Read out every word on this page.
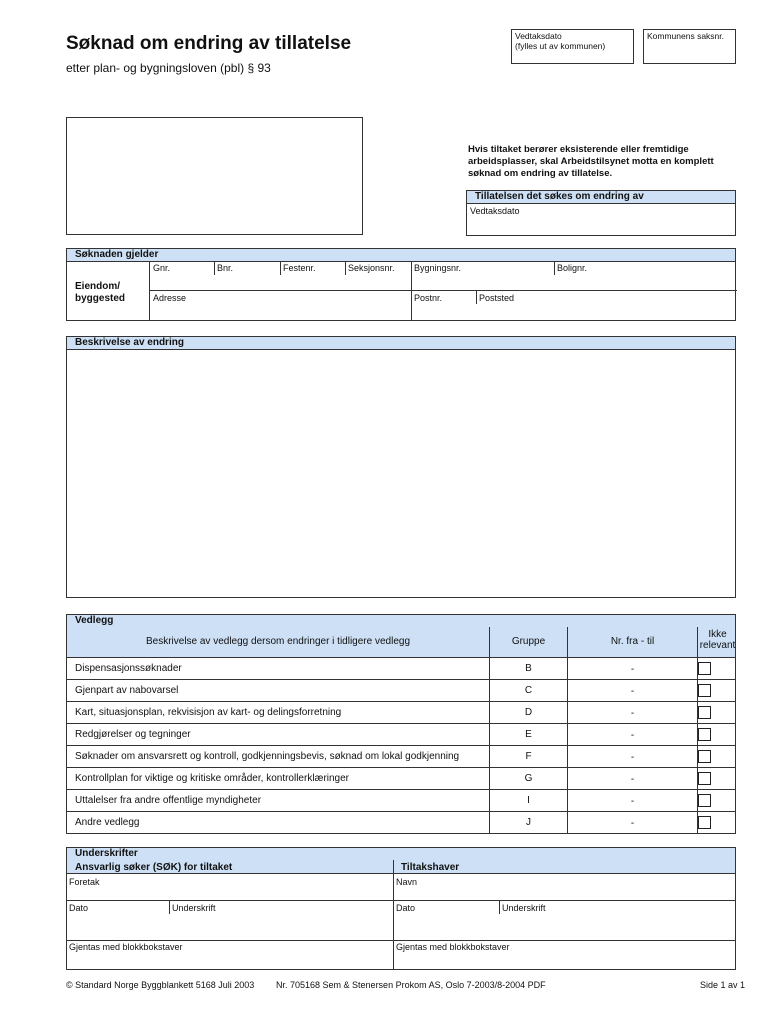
Søknad om endring av tillatelse
etter plan- og bygningsloven (pbl) § 93
Vedtaksdato
(fylles ut av kommunen)
Kommunens saksnr.
Hvis tiltaket berører eksisterende eller fremtidige arbeidsplasser, skal Arbeidstilsynet motta en komplett søknad om endring av tillatelse.
Tillatelsen det søkes om endring av
Vedtaksdato
Søknaden gjelder
Eiendom/
byggested
Gnr.	Bnr.	Festenr.	Seksjonsnr. Bygningsnr.	Bolignr.
Adresse	Postnr.	Poststed
Beskrivelse av endring
Vedlegg
Beskrivelse av vedlegg dersom endringer i tidligere vedlegg	Gruppe	Nr. fra - til
Ikke
relevant
Dispensasjonssøknader	B	-
Gjenpart av nabovarsel	C	-
Kart, situasjonsplan, rekvisisjon av kart- og delingsforretning	D	-
Redgjørelser og tegninger	E	-
Søknader om ansvarsrett og kontroll, godkjenningsbevis, søknad om lokal godkjenning	F	-
Kontrollplan for viktige og kritiske områder, kontrollerklæringer	G	-
Uttalelser fra andre offentlige myndigheter	I	-
Andre vedlegg	J	-
Underskrifter
Ansvarlig søker (SØK) for tiltaket	Tiltakshaver
Foretak	Navn
Dato	Underskrift	Dato	Underskrift
Gjentas med blokkbokstaver	Gjentas med blokkbokstaver
© Standard Norge Byggblankett 5168 Juli 2003 Nr. 705168 Sem & Stenersen Prokom AS, Oslo 7-2003/8-2004 PDF	Side 1 av 1
